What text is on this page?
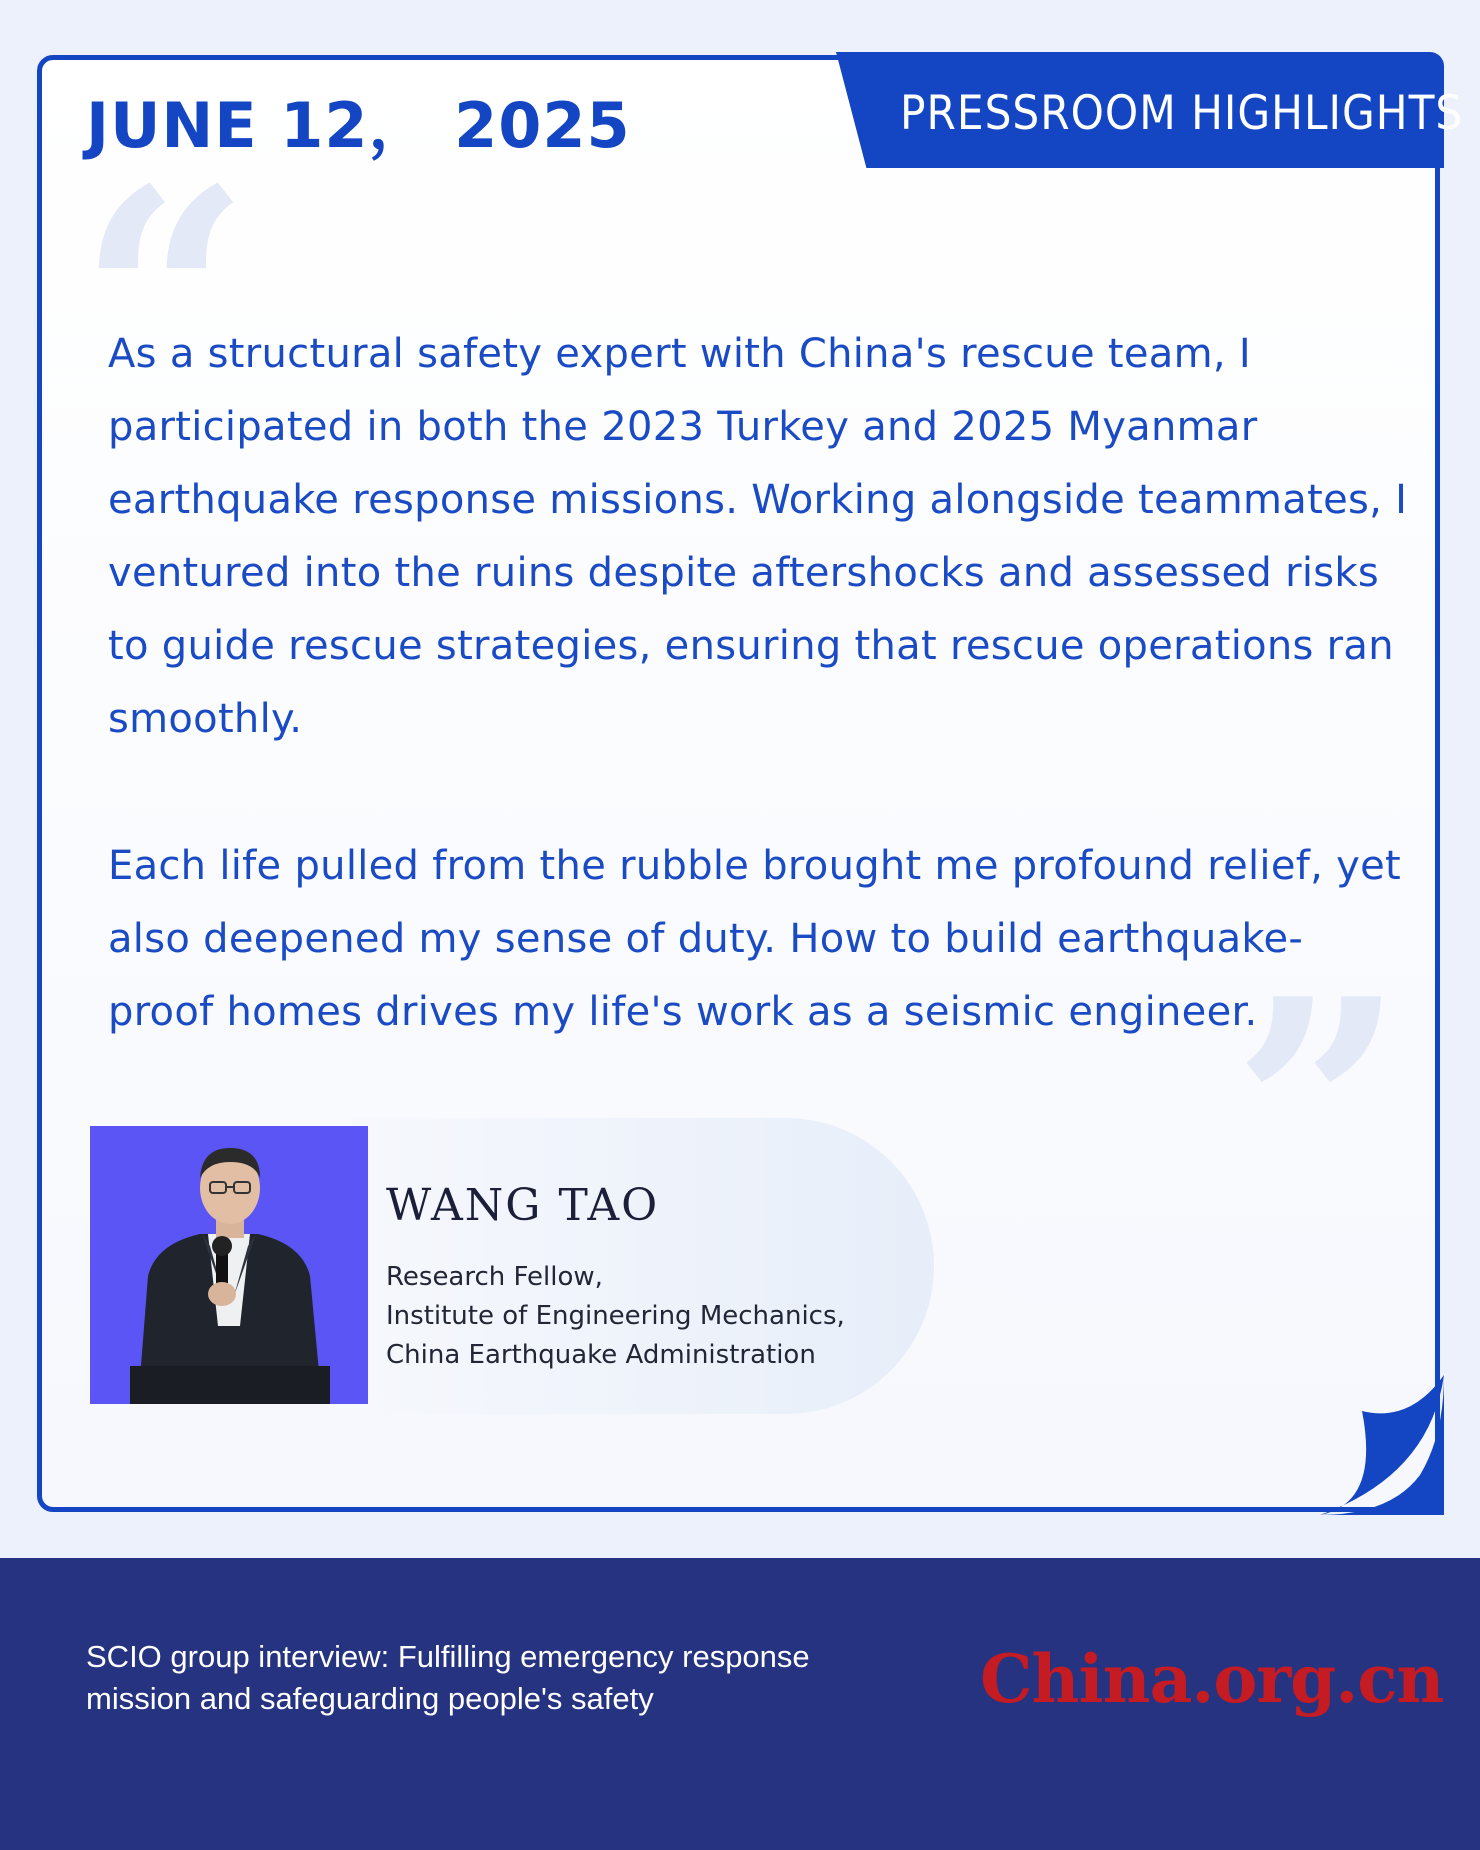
JUNE 12， 2025	PRESSROOM HIGHLIGHTS
“

As a structural safety expert with China's rescue team, I participated in both the 2023 Turkey and 2025 Myanmar earthquake response missions. Working alongside teammates, I ventured into the ruins despite aftershocks and assessed risks to guide rescue strategies, ensuring that rescue operations ran smoothly.

Each life pulled from the rubble brought me profound relief, yet also deepened my sense of duty. How to build earthquake-proof homes drives my life's work as a seismic engineer.

WANG TAO
Research Fellow,
Institute of Engineering Mechanics,
China Earthquake Administration

SCIO group interview: Fulfilling emergency response mission and safeguarding people's safety	China.org.cn
